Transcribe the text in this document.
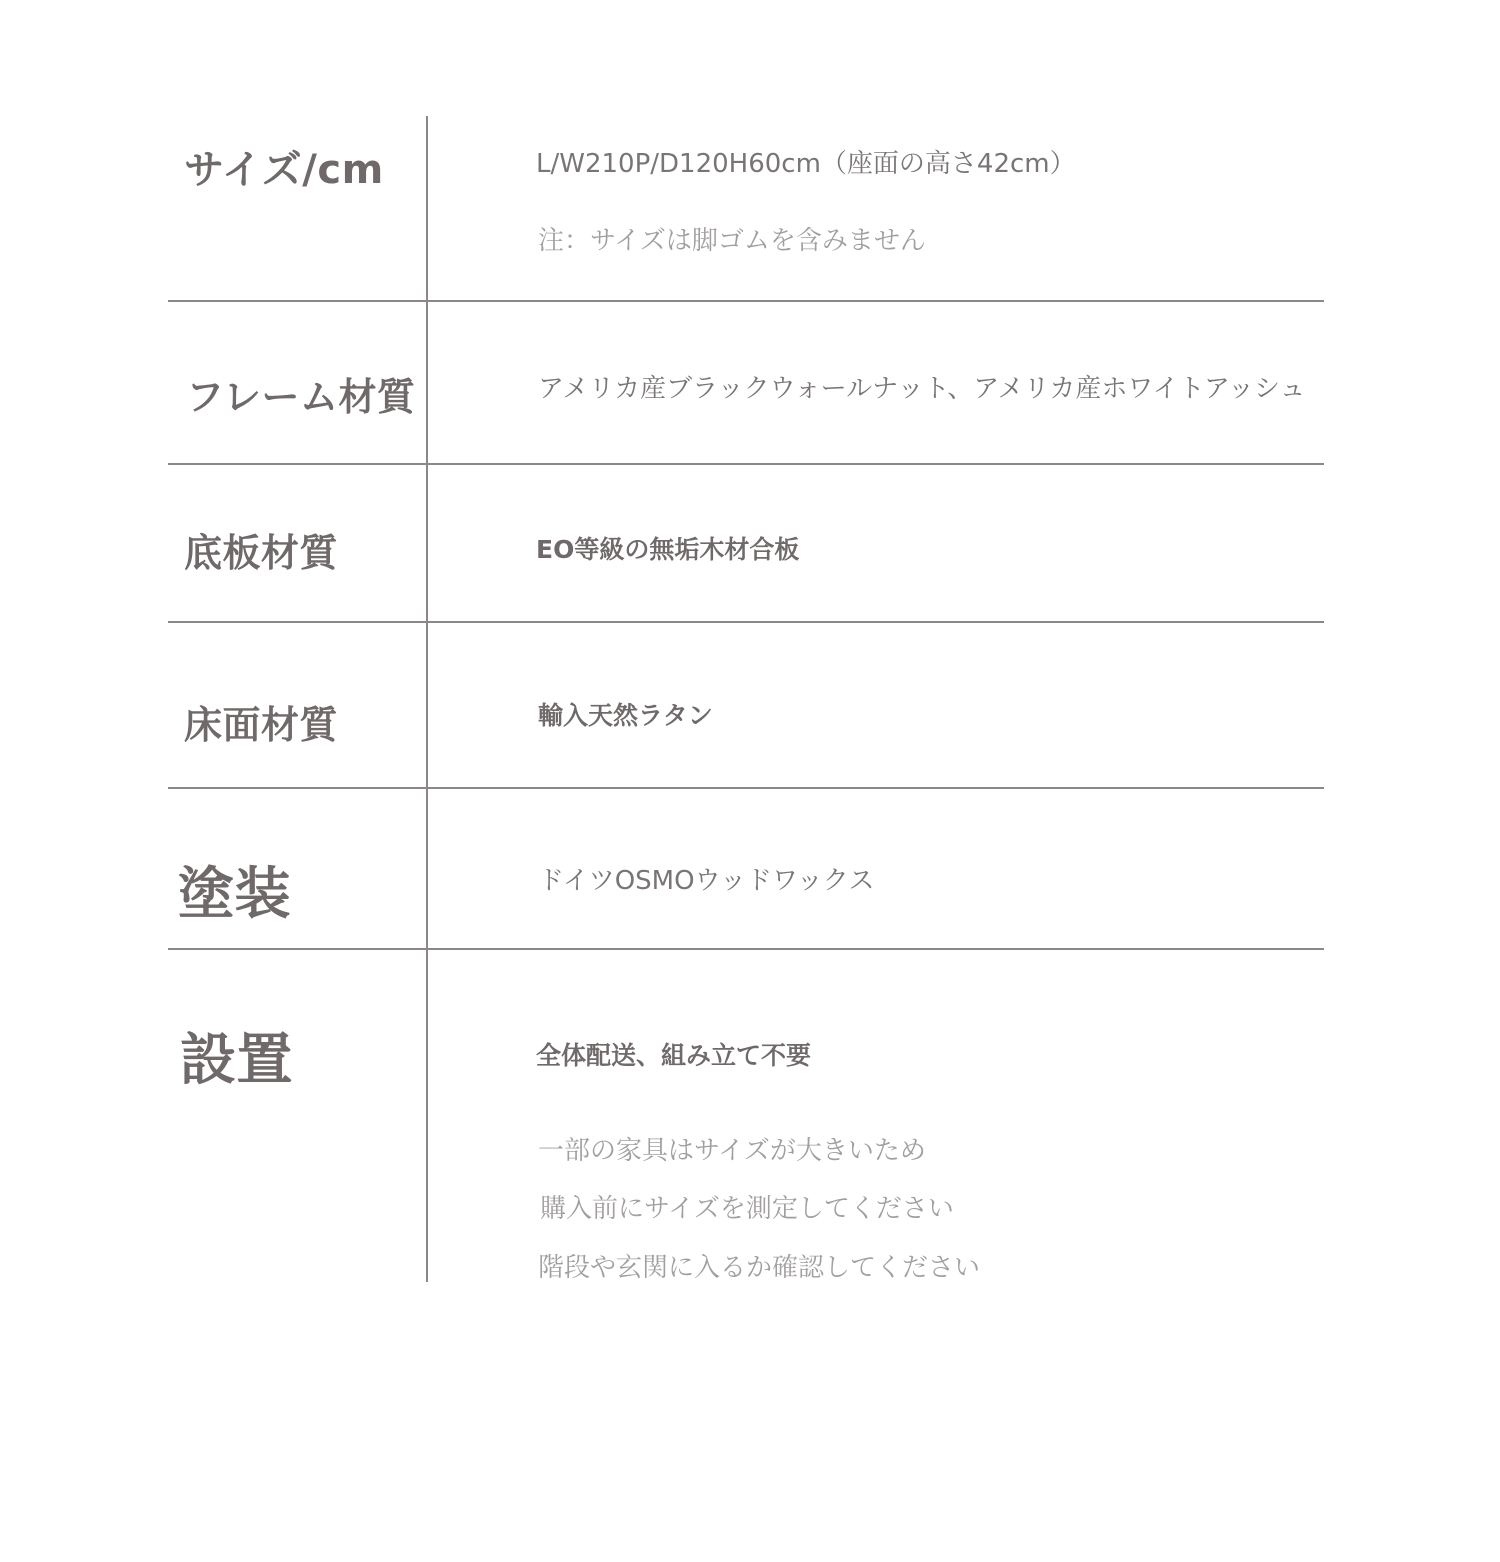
サイズ/cm	L/W210P/D120H60cm（座面の高さ42cm）
注：サイズは脚ゴムを含みません
フレーム材質	アメリカ産ブラックウォールナット、アメリカ産ホワイトアッシュ
底板材質	EO等級の無垢木材合板
床面材質	輸入天然ラタン
塗装	ドイツOSMOウッドワックス
設置	全体配送、組み立て不要
一部の家具はサイズが大きいため
購入前にサイズを測定してください
階段や玄関に入るか確認してください
